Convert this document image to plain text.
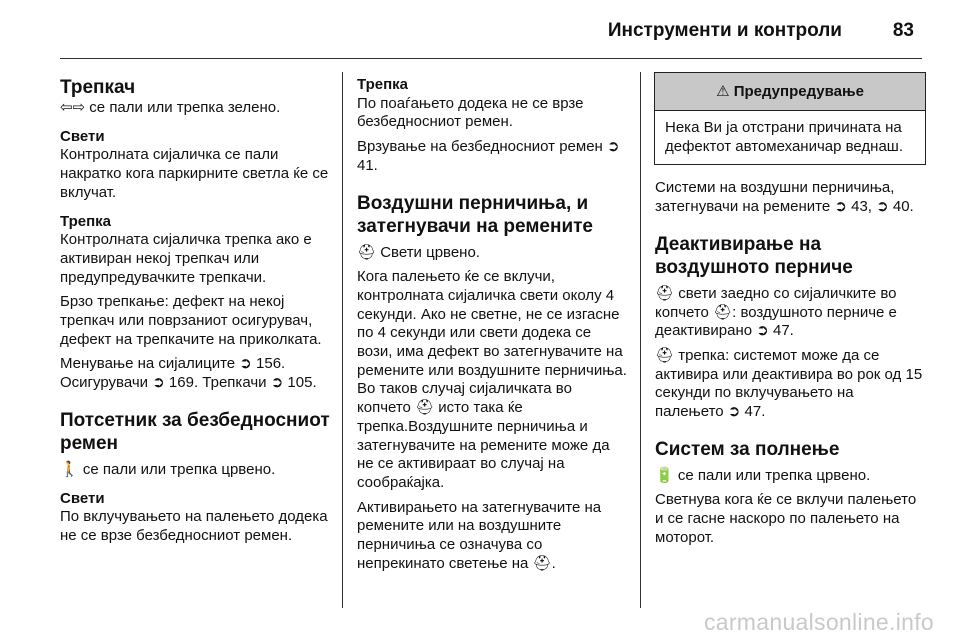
Инструменти и контроли	83
Трепкач

⇦⇨ се пали или трепка зелено.

Свети

Контролната сијаличка се пали накратко кога паркирните светла ќе се вклучат.

Трепка

Контролната сијаличка трепка ако е активиран некој трепкач или предупредувачките трепкачи.

Брзо трепкање: дефект на некој трепкач или поврзаниот осигурувач, дефект на трепкачите на приколката.

Менување на сијалиците ➲ 156. Осигурувачи ➲ 169. Трепкачи ➲ 105.

Потсетник за безбедносниот ремен

🚶 се пали или трепка црвено.

Свети

По вклучувањето на палењето додека не се врзе безбедносниот ремен.

Трепка

По поаѓањето додека не се врзе безбедносниот ремен.

Врзување на безбедносниот ремен ➲ 41.

Воздушни перничиња, и затегнувачи на ремените

⛑ Свети црвено.

Кога палењето ќе се вклучи, контролната сијаличка свети околу 4 секунди. Ако не светне, не се изгаснe по 4 секунди или свети додека се вози, има дефект во затегнувачите на ремените или воздушните перничиња. Во таков случај сијаличката во копчето ⛑ исто така ќе трепка.Воздушните перничиња и затегнувачите на ремените може да не се активираат во случај на сообраќајка.

Активирањето на затегнувачите на ремените или на воздушните перничиња се означува со непрекинато светење на ⛑.

⚠ Предупредување
Нека Ви ја отстрани причината на дефектот автомеханичар веднаш.

Системи на воздушни перничиња, затегнувачи на ремените ➲ 43, ➲ 40.

Деактивирање на воздушното перниче

⛑ свети заедно со сијаличките во копчето ⛑: воздушното перниче е деактивирано ➲ 47.

⛑ трепка: системот може да се активира или деактивира во рок од 15 секунди по вклучувањето на палењето ➲ 47.

Систем за полнење

🔋 се пали или трепка црвено.

Светнува кога ќе се вклучи палењето и се гасне наскоро по палењето на моторот.

carmanualsonline.info
